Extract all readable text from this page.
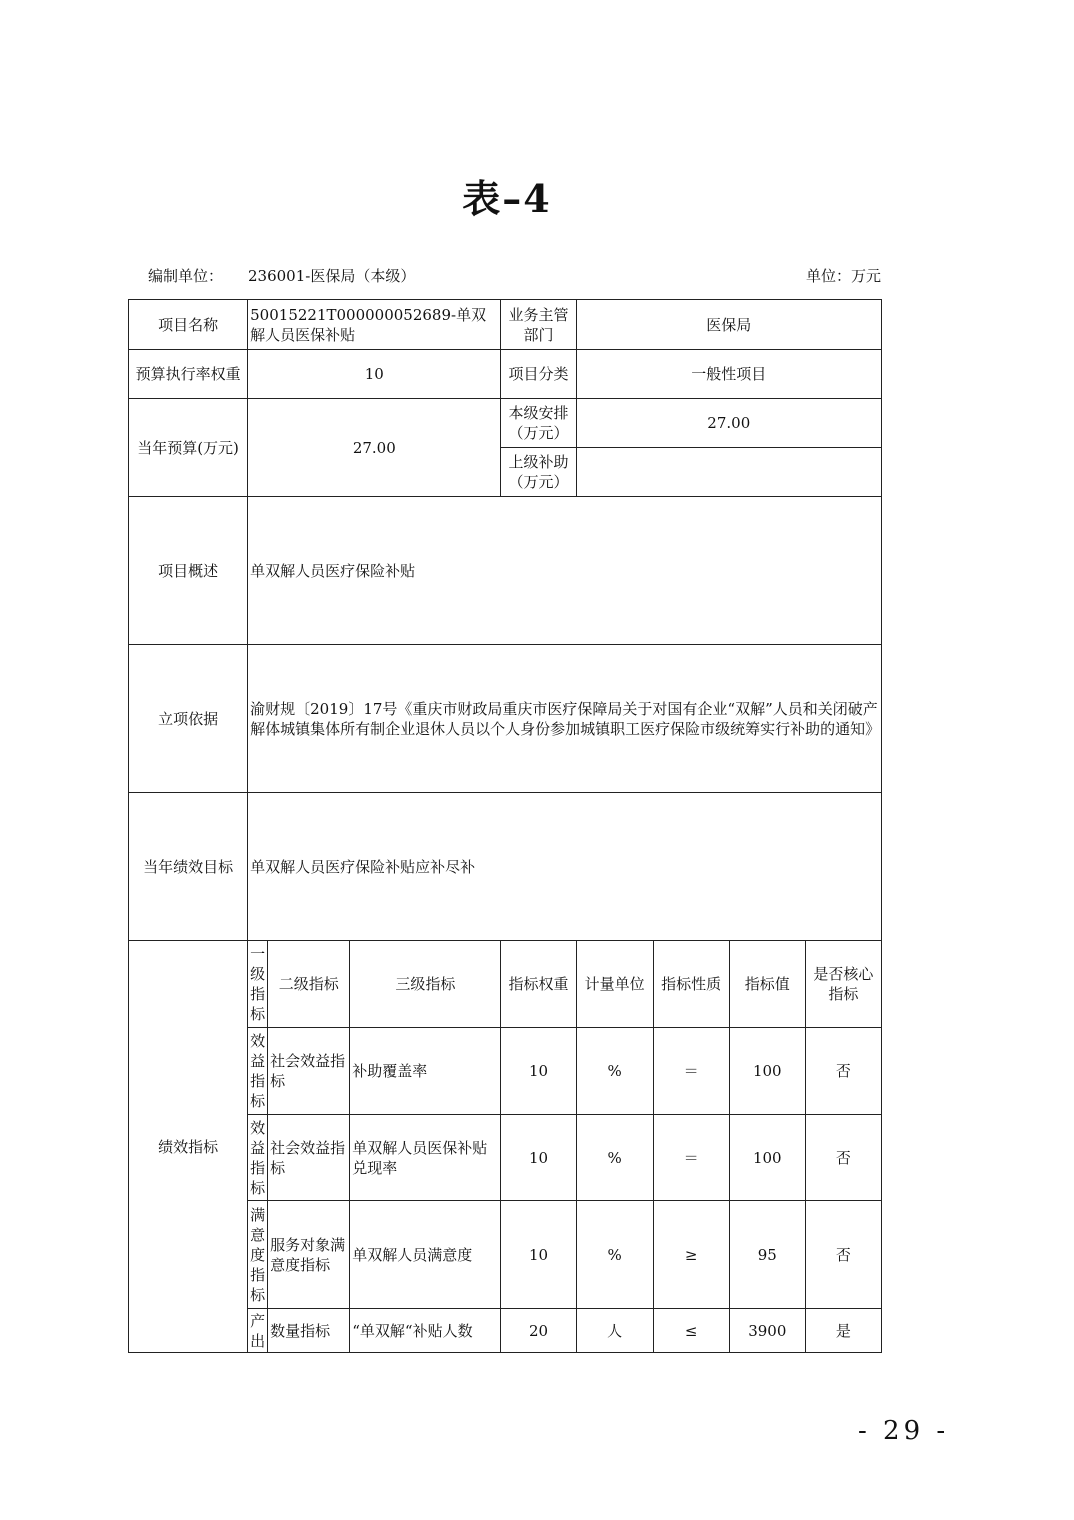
表–4
编制单位： 236001-医保局（本级）	单位：万元
项目名称	50015221T000000052689-单双解人员医保补贴			业务主管部门	医保局			
预算执行率权重	10			项目分类	一般性项目			
当年预算(万元)	27.00			本级安排（万元）	27.00			
				上级补助（万元）				
项目概述	单双解人员医疗保险补贴							
立项依据	渝财规〔2019〕17号《重庆市财政局重庆市医疗保障局关于对国有企业“双解”人员和关闭破产解体城镇集体所有制企业退休人员以个人身份参加城镇职工医疗保险市级统筹实行补助的通知》							
当年绩效目标	单双解人员医疗保险补贴应补尽补							
绩效指标	一级指标	二级指标	三级指标	指标权重	计量单位	指标性质	指标值	是否核心指标
	效益指标	社会效益指标	补助覆盖率	10	%	＝	100	否
	效益指标	社会效益指标	单双解人员医保补贴兑现率	10	%	＝	100	否
	满意度指标	服务对象满意度指标	单双解人员满意度	10	%	≥	95	否
	产出	数量指标	“单双解“补贴人数	20	人	≤	3900	是
- 29 -
